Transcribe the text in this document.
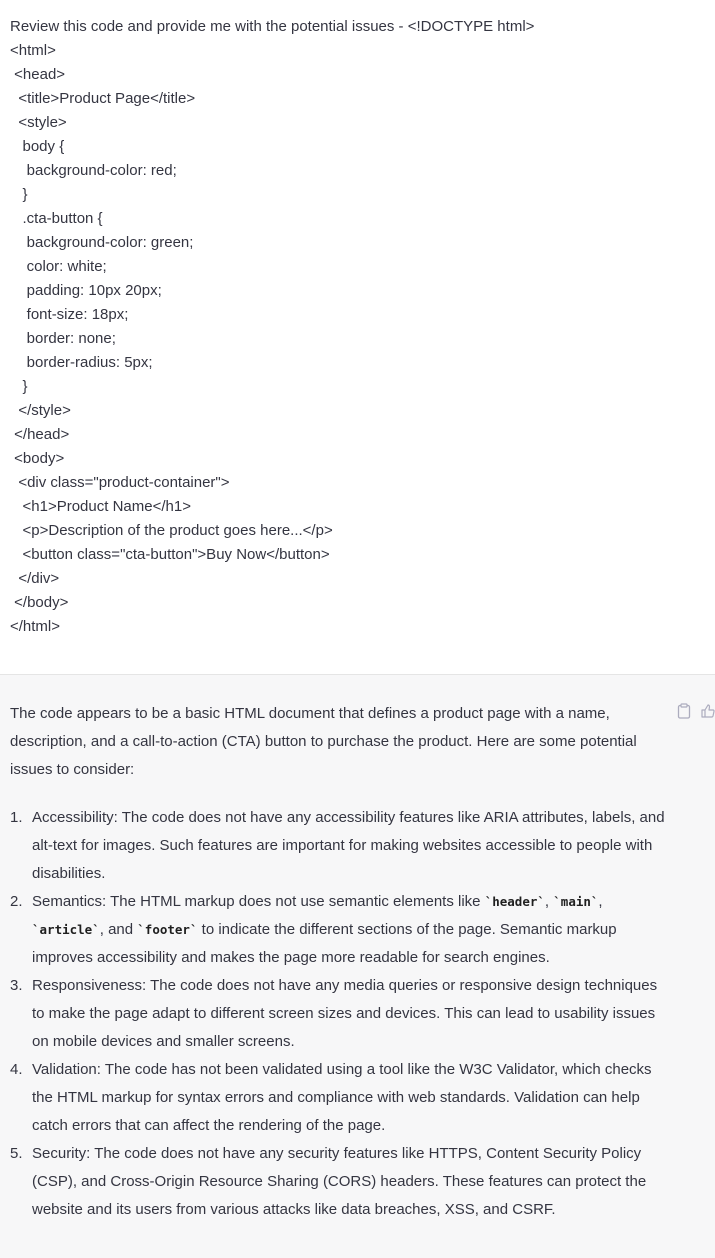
Review this code and provide me with the potential issues - <!DOCTYPE html>
<html>
<head>
<title>Product Page</title>
<style>
body {
background-color: red;
}
.cta-button {
background-color: green;
color: white;
padding: 10px 20px;
font-size: 18px;
border: none;
border-radius: 5px;
}
</style>
</head>
<body>
<div class="product-container">
<h1>Product Name</h1>
<p>Description of the product goes here...</p>
<button class="cta-button">Buy Now</button>
</div>
</body>
</html>
The code appears to be a basic HTML document that defines a product page with a name, description, and a call-to-action (CTA) button to purchase the product. Here are some potential issues to consider:
1. Accessibility: The code does not have any accessibility features like ARIA attributes, labels, and alt-text for images. Such features are important for making websites accessible to people with disabilities.
2. Semantics: The HTML markup does not use semantic elements like `header`, `main`, `article`, and `footer` to indicate the different sections of the page. Semantic markup improves accessibility and makes the page more readable for search engines.
3. Responsiveness: The code does not have any media queries or responsive design techniques to make the page adapt to different screen sizes and devices. This can lead to usability issues on mobile devices and smaller screens.
4. Validation: The code has not been validated using a tool like the W3C Validator, which checks the HTML markup for syntax errors and compliance with web standards. Validation can help catch errors that can affect the rendering of the page.
5. Security: The code does not have any security features like HTTPS, Content Security Policy (CSP), and Cross-Origin Resource Sharing (CORS) headers. These features can protect the website and its users from various attacks like data breaches, XSS, and CSRF.
